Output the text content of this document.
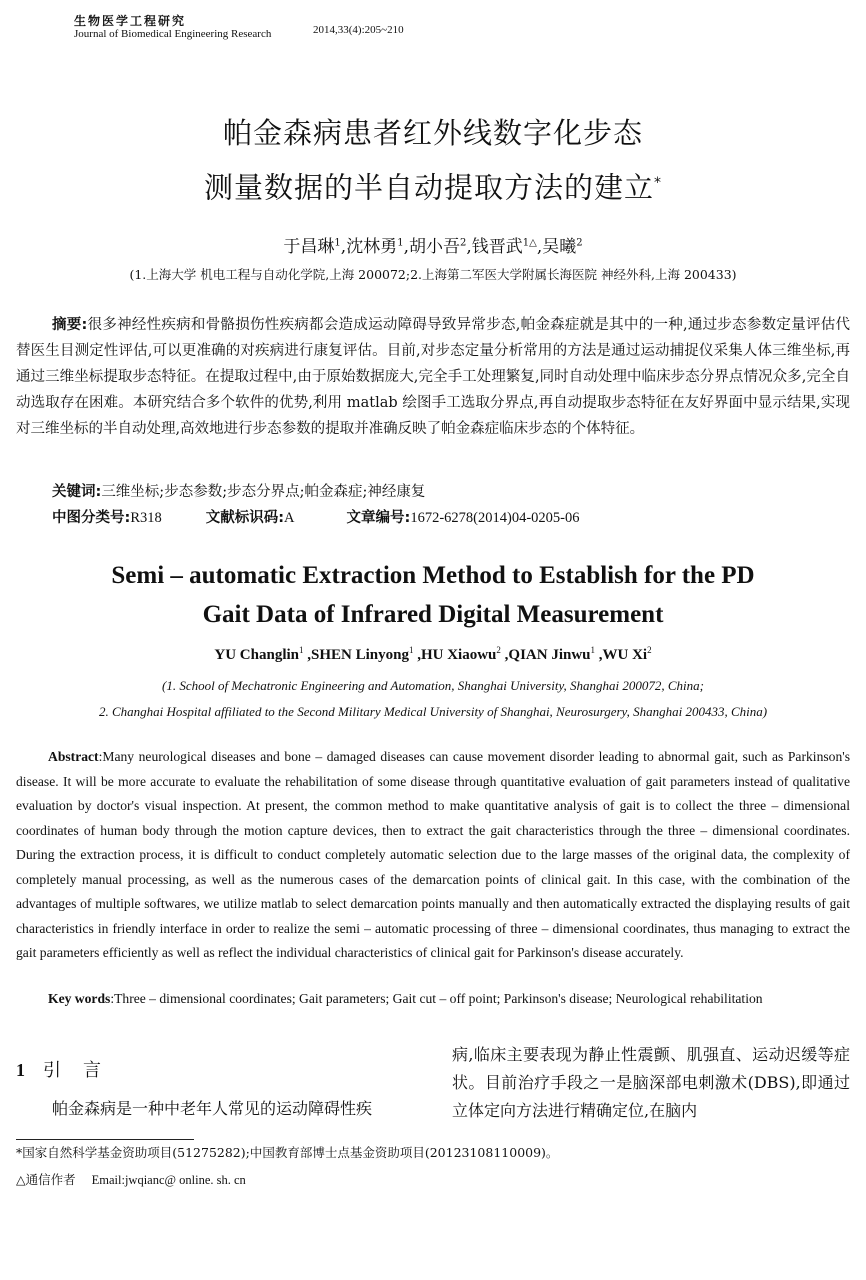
生物医学工程研究
Journal of Biomedical Engineering Research	2014,33(4):205~210
帕金森病患者红外线数字化步态
测量数据的半自动提取方法的建立*
于昌琳$^1$,沈林勇$^1$,胡小吾$^2$,钱晋武$^{1\triangle}$,吴曦$^2$
(1.上海大学 机电工程与自动化学院,上海 200072;2.上海第二军医大学附属长海医院 神经外科,上海 200433)

摘要:很多神经性疾病和骨骼损伤性疾病都会造成运动障碍导致异常步态,帕金森症就是其中的一种,通过步态参数定量评估代替医生目测定性评估,可以更准确的对疾病进行康复评估。目前,对步态定量分析常用的方法是通过运动捕捉仪采集人体三维坐标,再通过三维坐标提取步态特征。在提取过程中,由于原始数据庞大,完全手工处理繁复,同时自动处理中临床步态分界点情况众多,完全自动选取存在困难。本研究结合多个软件的优势,利用 matlab 绘图手工选取分界点,再自动提取步态特征在友好界面中显示结果,实现对三维坐标的半自动处理,高效地进行步态参数的提取并准确反映了帕金森症临床步态的个体特征。

关键词:三维坐标;步态参数;步态分界点;帕金森症;神经康复
中图分类号:R318	文献标识码:A	文章编号:1672-6278(2014)04-0205-06
Semi – automatic Extraction Method to Establish for the PD
Gait Data of Infrared Digital Measurement
YU Changlin$^1$ ,SHEN Linyong$^1$ ,HU Xiaowu$^2$ ,QIAN Jinwu$^1$ ,WU Xi$^2$
(1. School of Mechatronic Engineering and Automation, Shanghai University, Shanghai 200072, China;
2. Changhai Hospital affiliated to the Second Military Medical University of Shanghai, Neurosurgery, Shanghai 200433, China)

Abstract:Many neurological diseases and bone – damaged diseases can cause movement disorder leading to abnormal gait, such as Parkinson's disease. It will be more accurate to evaluate the rehabilitation of some disease through quantitative evaluation of gait parameters instead of qualitative evaluation by doctor's visual inspection. At present, the common method to make quantitative analysis of gait is to collect the three – dimensional coordinates of human body through the motion capture devices, then to extract the gait characteristics through the three – dimensional coordinates. During the extraction process, it is difficult to conduct completely automatic selection due to the large masses of the original data, the complexity of completely manual processing, as well as the numerous cases of the demarcation points of clinical gait. In this case, with the combination of the advantages of multiple softwares, we utilize matlab to select demarcation points manually and then automatically extracted the displaying results of gait characteristics in friendly interface in order to realize the semi – automatic processing of three – dimensional coordinates, thus managing to extract the gait parameters efficiently as well as reflect the individual characteristics of clinical gait for Parkinson's disease accurately.

Key words:Three – dimensional coordinates; Gait parameters; Gait cut – off point; Parkinson's disease; Neurological rehabilitation
1 引言
帕金森病是一种中老年人常见的运动障碍性疾

病,临床主要表现为静止性震颤、肌强直、运动迟缓等症状。目前治疗手段之一是脑深部电刺激术(DBS),即通过立体定向方法进行精确定位,在脑内

*国家自然科学基金资助项目(51275282);中国教育部博士点基金资助项目(20123108110009)。
△通信作者 Email:jwqianc@ online. sh. cn
